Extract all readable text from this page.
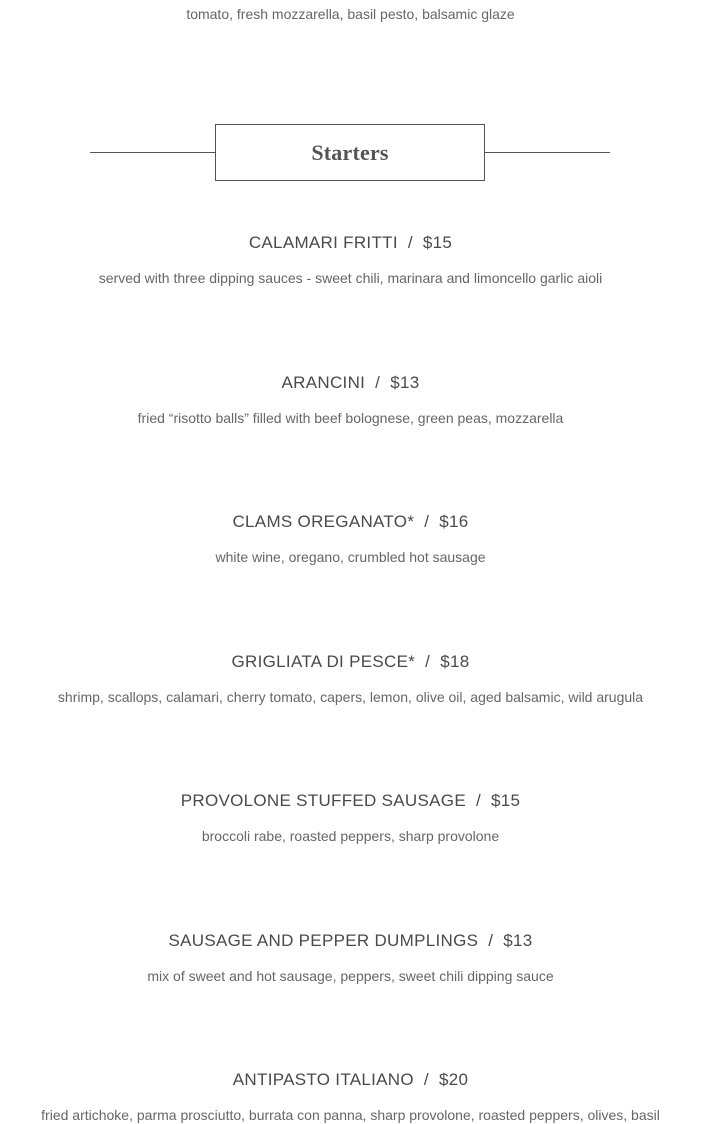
tomato, fresh mozzarella, basil pesto, balsamic glaze
Starters
CALAMARI FRITTI / $15
served with three dipping sauces - sweet chili, marinara and limoncello garlic aioli
ARANCINI / $13
fried “risotto balls” filled with beef bolognese, green peas, mozzarella
CLAMS OREGANATO* / $16
white wine, oregano, crumbled hot sausage
GRIGLIATA DI PESCE* / $18
shrimp, scallops, calamari, cherry tomato, capers, lemon, olive oil, aged balsamic, wild arugula
PROVOLONE STUFFED SAUSAGE / $15
broccoli rabe, roasted peppers, sharp provolone
SAUSAGE AND PEPPER DUMPLINGS / $13
mix of sweet and hot sausage, peppers, sweet chili dipping sauce
ANTIPASTO ITALIANO / $20
fried artichoke, parma prosciutto, burrata con panna, sharp provolone, roasted peppers, olives, basil
